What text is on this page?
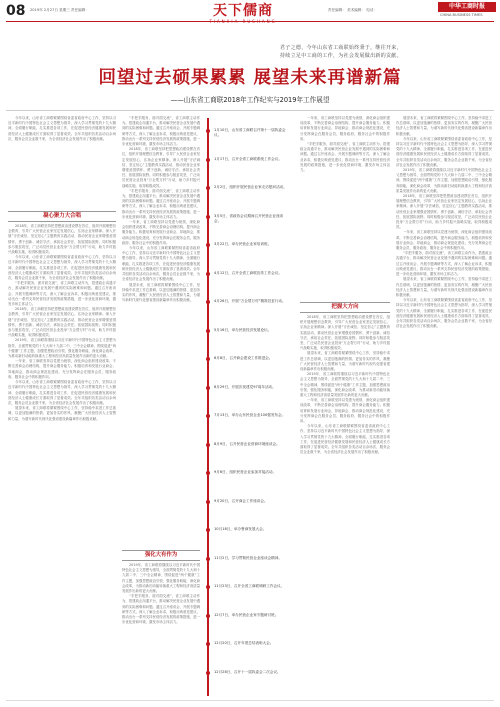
08 2019年 2月27日 星期三 责任编辑：	天下儒商	责任编辑： 美术编辑： 电话：	中华工商时报
CHINA BUSINESS TIMES
君子之德，今年山东省工商联始终秉于，继往开来，
持续立足中工商的工作，为社会发展做出新的贡献。
回望过去硕果累累 展望未来再谱新篇
——山东省工商联2018年工作纪实与2019年工作展望

今年以来，山东省工商联紧紧围绕省委省政府中心工作，坚持以习近平新时代中国特色社会主义思想为指导，深入学习贯彻党的十九大精神，全面履行职能，扎实推进各项工作，在促进民营经济健康发展和民营经济人士健康成长方面取得了显著成效。全年共组织各类活动百余场次，服务会员企业数千家，为全省经济社会发展作出了积极贡献。

凝心聚力大合唱

2018年，省工商联坚持把思想政治建设摆在首位，组织开展理想信念教育，引导广大民营企业家坚定发展信心，弘扬企业家精神。深入开展“守法诚信、坚定信心”主题教育实践活动，推动民营企业家增强爱国情怀、勇于创新、诚信守法、承担社会责任、拓展国际视野。同时积极参与脱贫攻坚，广泛动员民营企业投身“万企帮万村”行动，助力乡村振兴战略实施，取得积极成效。

今年以来，山东省工商联紧紧围绕省委省政府中心工作，坚持以习近平新时代中国特色社会主义思想为指导，深入学习贯彻党的十九大精神，全面履行职能，扎实推进各项工作，在促进民营经济健康发展和民营经济人士健康成长方面取得了显著成效。全年共组织各类活动百余场次，服务会员企业数千家，为全省经济社会发展作出了积极贡献。

“手把手服务，面对面交流”，省工商联主动作为，搭建政企沟通平台，推动解决民营企业发展中遇到的实际困难和问题。通过召开座谈会、开展专题调研等方式，深入了解企业诉求，积极反映意见建议，推动出台一系列支持民营经济发展的政策措施，进一步优化营商环境，激发市场主体活力。

2018年，省工商联坚持把思想政治建设摆在首位，组织开展理想信念教育，引导广大民营企业家坚定发展信心，弘扬企业家精神。深入开展“守法诚信、坚定信心”主题教育实践活动，推动民营企业家增强爱国情怀、勇于创新、诚信守法、承担社会责任、拓展国际视野。同时积极参与脱贫攻坚，广泛动员民营企业投身“万企帮万村”行动，助力乡村振兴战略实施，取得积极成效。

2019年，省工商联将继续以习近平新时代中国特色社会主义思想为指导，全面贯彻党的十九大和十九届二中、三中全会精神，围绕促进“两个健康”工作主题，加强思想政治引领，强化服务职能，深化商会改革，为推动新旧动能转换重大工程和经济高质量发展作出新的更大贡献。

一年来，省工商联坚持以党建为统领，深化商会组织建设改革，不断完善商会治理结构，提升商会服务能力。积极培育和发展行业商会、异地商会，推动商会规范化建设，充分发挥商会在服务会员、服务政府、服务社会中的积极作用。

今年以来，山东省工商联紧紧围绕省委省政府中心工作，坚持以习近平新时代中国特色社会主义思想为指导，深入学习贯彻党的十九大精神，全面履行职能，扎实推进各项工作，在促进民营经济健康发展和民营经济人士健康成长方面取得了显著成效。全年共组织各类活动百余场次，服务会员企业数千家，为全省经济社会发展作出了积极贡献。

展望未来，省工商联将紧紧围绕中心工作，坚持稳中求进工作总基调，以更加饱满的热情、更加务实的作风，凝聚广大民营经济人士智慧和力量，为谱写新时代现代化强省建设新篇章作出积极贡献。

“手把手服务，面对面交流”，省工商联主动作为，搭建政企沟通平台，推动解决民营企业发展中遇到的实际困难和问题。通过召开座谈会、开展专题调研等方式，深入了解企业诉求，积极反映意见建议，推动出台一系列支持民营经济发展的政策措施，进一步优化营商环境，激发市场主体活力。

2018年，省工商联坚持把思想政治建设摆在首位，组织开展理想信念教育，引导广大民营企业家坚定发展信心，弘扬企业家精神。深入开展“守法诚信、坚定信心”主题教育实践活动，推动民营企业家增强爱国情怀、勇于创新、诚信守法、承担社会责任、拓展国际视野。同时积极参与脱贫攻坚，广泛动员民营企业投身“万企帮万村”行动，助力乡村振兴战略实施，取得积极成效。

“手把手服务，面对面交流”，省工商联主动作为，搭建政企沟通平台，推动解决民营企业发展中遇到的实际困难和问题。通过召开座谈会、开展专题调研等方式，深入了解企业诉求，积极反映意见建议，推动出台一系列支持民营经济发展的政策措施，进一步优化营商环境，激发市场主体活力。

一年来，省工商联坚持以党建为统领，深化商会组织建设改革，不断完善商会治理结构，提升商会服务能力。积极培育和发展行业商会、异地商会，推动商会规范化建设，充分发挥商会在服务会员、服务政府、服务社会中的积极作用。

今年以来，山东省工商联紧紧围绕省委省政府中心工作，坚持以习近平新时代中国特色社会主义思想为指导，深入学习贯彻党的十九大精神，全面履行职能，扎实推进各项工作，在促进民营经济健康发展和民营经济人士健康成长方面取得了显著成效。全年共组织各类活动百余场次，服务会员企业数千家，为全省经济社会发展作出了积极贡献。

展望未来，省工商联将紧紧围绕中心工作，坚持稳中求进工作总基调，以更加饱满的热情、更加务实的作风，凝聚广大民营经济人士智慧和力量，为谱写新时代现代化强省建设新篇章作出积极贡献。

强化大有作为

2019年，省工商联将继续以习近平新时代中国特色社会主义思想为指导，全面贯彻党的十九大和十九届二中、三中全会精神，围绕促进“两个健康”工作主题，加强思想政治引领，强化服务职能，深化商会改革，为推动新旧动能转换重大工程和经济高质量发展作出新的更大贡献。

“手把手服务，面对面交流”，省工商联主动作为，搭建政企沟通平台，推动解决民营企业发展中遇到的实际困难和问题。通过召开座谈会、开展专题调研等方式，深入了解企业诉求，积极反映意见建议，推动出台一系列支持民营经济发展的政策措施，进一步优化营商环境，激发市场主体活力。

1月10日，山东省工商联召开第十一届执委会议。
1月17日，召开全省工商联系统工作会议。
2月2日，组织开展民营企业家走访慰问活动。
3月5日，省政协会议期间召开民营企业座谈会。
3月22日，举办民营企业家培训班。
4月12日，召开全省工商联宣传工作会议。
4月26日，开展“万企帮万村”精准扶贫行动。
5月16日，举办民营经济发展论坛。
6月8日，召开商会建设工作推进会。
6月29日，开展庆祝建党97周年活动。
7月13日，举办山东民营企业100强发布会。
8月9日，召开民营企业营商环境座谈会。
9月6日，组织民营企业参加对接活动。
9月20日，召开商会工作座谈会。
10月18日，举办鲁商发展大会。
11月2日，学习贯彻民营企业座谈会精神。
11月23日，召开全省工商联调研工作会议。
12月7日，举办民营企业家专题研讨班。
12月20日，召开年度总结表彰大会。
12月28日，召开十一届执委会二次会议。

一年来，省工商联坚持以党建为统领，深化商会组织建设改革，不断完善商会治理结构，提升商会服务能力。积极培育和发展行业商会、异地商会，推动商会规范化建设，充分发挥商会在服务会员、服务政府、服务社会中的积极作用。

“手把手服务，面对面交流”，省工商联主动作为，搭建政企沟通平台，推动解决民营企业发展中遇到的实际困难和问题。通过召开座谈会、开展专题调研等方式，深入了解企业诉求，积极反映意见建议，推动出台一系列支持民营经济发展的政策措施，进一步优化营商环境，激发市场主体活力。

展望未来，省工商联将紧紧围绕中心工作，坚持稳中求进工作总基调，以更加饱满的热情、更加务实的作风，凝聚广大民营经济人士智慧和力量，为谱写新时代现代化强省建设新篇章作出积极贡献。

今年以来，山东省工商联紧紧围绕省委省政府中心工作，坚持以习近平新时代中国特色社会主义思想为指导，深入学习贯彻党的十九大精神，全面履行职能，扎实推进各项工作，在促进民营经济健康发展和民营经济人士健康成长方面取得了显著成效。全年共组织各类活动百余场次，服务会员企业数千家，为全省经济社会发展作出了积极贡献。

2019年，省工商联将继续以习近平新时代中国特色社会主义思想为指导，全面贯彻党的十九大和十九届二中、三中全会精神，围绕促进“两个健康”工作主题，加强思想政治引领，强化服务职能，深化商会改革，为推动新旧动能转换重大工程和经济高质量发展作出新的更大贡献。

2018年，省工商联坚持把思想政治建设摆在首位，组织开展理想信念教育，引导广大民营企业家坚定发展信心，弘扬企业家精神。深入开展“守法诚信、坚定信心”主题教育实践活动，推动民营企业家增强爱国情怀、勇于创新、诚信守法、承担社会责任、拓展国际视野。同时积极参与脱贫攻坚，广泛动员民营企业投身“万企帮万村”行动，助力乡村振兴战略实施，取得积极成效。

一年来，省工商联坚持以党建为统领，深化商会组织建设改革，不断完善商会治理结构，提升商会服务能力。积极培育和发展行业商会、异地商会，推动商会规范化建设，充分发挥商会在服务会员、服务政府、服务社会中的积极作用。

“手把手服务，面对面交流”，省工商联主动作为，搭建政企沟通平台，推动解决民营企业发展中遇到的实际困难和问题。通过召开座谈会、开展专题调研等方式，深入了解企业诉求，积极反映意见建议，推动出台一系列支持民营经济发展的政策措施，进一步优化营商环境，激发市场主体活力。

展望未来，省工商联将紧紧围绕中心工作，坚持稳中求进工作总基调，以更加饱满的热情、更加务实的作风，凝聚广大民营经济人士智慧和力量，为谱写新时代现代化强省建设新篇章作出积极贡献。

今年以来，山东省工商联紧紧围绕省委省政府中心工作，坚持以习近平新时代中国特色社会主义思想为指导，深入学习贯彻党的十九大精神，全面履行职能，扎实推进各项工作，在促进民营经济健康发展和民营经济人士健康成长方面取得了显著成效。全年共组织各类活动百余场次，服务会员企业数千家，为全省经济社会发展作出了积极贡献。

把握大方向

2018年，省工商联坚持把思想政治建设摆在首位，组织开展理想信念教育，引导广大民营企业家坚定发展信心，弘扬企业家精神。深入开展“守法诚信、坚定信心”主题教育实践活动，推动民营企业家增强爱国情怀、勇于创新、诚信守法、承担社会责任、拓展国际视野。同时积极参与脱贫攻坚，广泛动员民营企业投身“万企帮万村”行动，助力乡村振兴战略实施，取得积极成效。

展望未来，省工商联将紧紧围绕中心工作，坚持稳中求进工作总基调，以更加饱满的热情、更加务实的作风，凝聚广大民营经济人士智慧和力量，为谱写新时代现代化强省建设新篇章作出积极贡献。

2019年，省工商联将继续以习近平新时代中国特色社会主义思想为指导，全面贯彻党的十九大和十九届二中、三中全会精神，围绕促进“两个健康”工作主题，加强思想政治引领，强化服务职能，深化商会改革，为推动新旧动能转换重大工程和经济高质量发展作出新的更大贡献。

一年来，省工商联坚持以党建为统领，深化商会组织建设改革，不断完善商会治理结构，提升商会服务能力。积极培育和发展行业商会、异地商会，推动商会规范化建设，充分发挥商会在服务会员、服务政府、服务社会中的积极作用。

今年以来，山东省工商联紧紧围绕省委省政府中心工作，坚持以习近平新时代中国特色社会主义思想为指导，深入学习贯彻党的十九大精神，全面履行职能，扎实推进各项工作，在促进民营经济健康发展和民营经济人士健康成长方面取得了显著成效。全年共组织各类活动百余场次，服务会员企业数千家，为全省经济社会发展作出了积极贡献。
